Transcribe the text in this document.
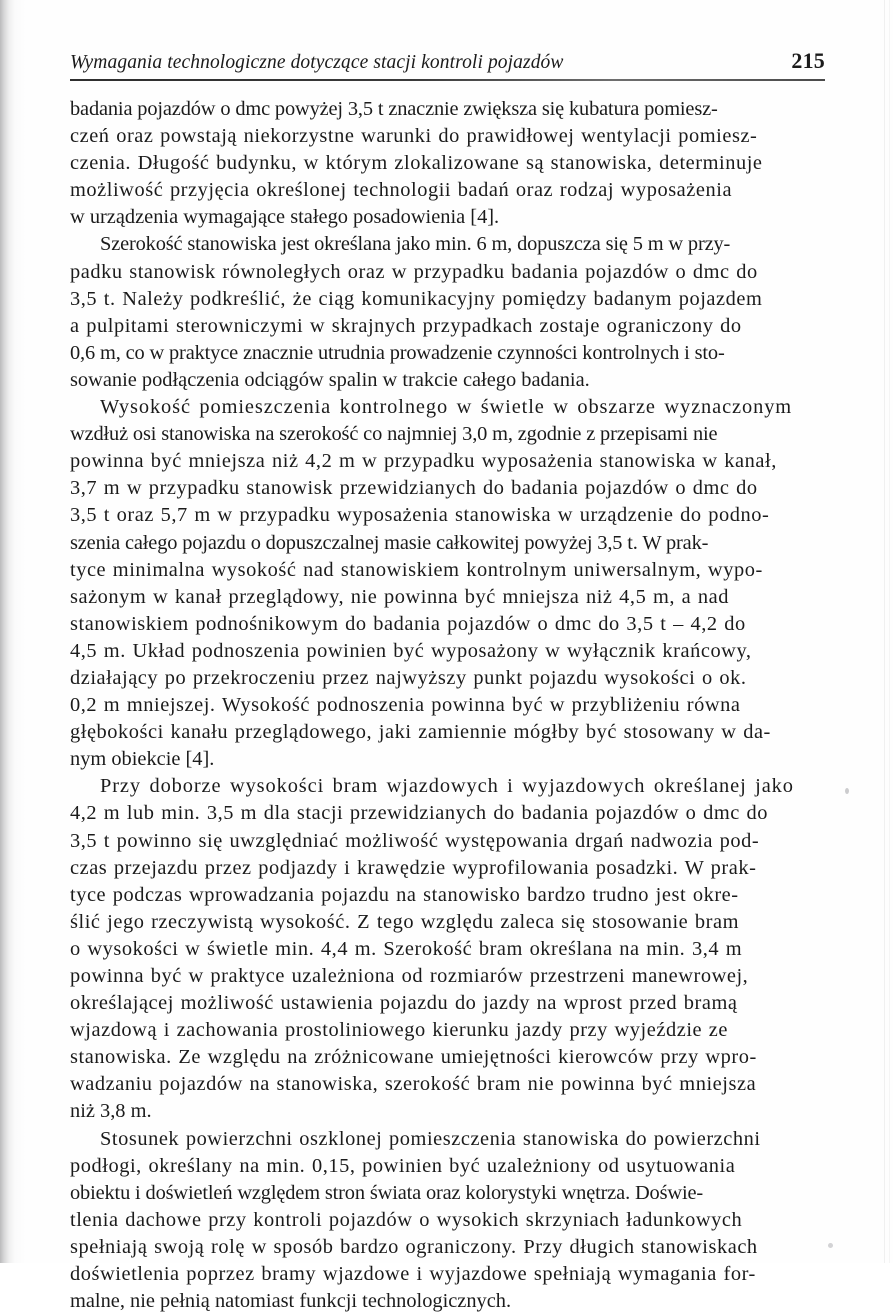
Wymagania technologiczne dotyczące stacji kontroli pojazdów	215

badania pojazdów o dmc powyżej 3,5 t znacznie zwiększa się kubatura pomiesz-
czeń oraz powstają niekorzystne warunki do prawidłowej wentylacji pomiesz-
czenia. Długość budynku, w którym zlokalizowane są stanowiska, determinuje
możliwość przyjęcia określonej technologii badań oraz rodzaj wyposażenia
w urządzenia wymagające stałego posadowienia [4].

Szerokość stanowiska jest określana jako min. 6 m, dopuszcza się 5 m w przy-
padku stanowisk równoległych oraz w przypadku badania pojazdów o dmc do
3,5 t. Należy podkreślić, że ciąg komunikacyjny pomiędzy badanym pojazdem
a pulpitami sterowniczymi w skrajnych przypadkach zostaje ograniczony do
0,6 m, co w praktyce znacznie utrudnia prowadzenie czynności kontrolnych i sto-
sowanie podłączenia odciągów spalin w trakcie całego badania.

Wysokość pomieszczenia kontrolnego w świetle w obszarze wyznaczonym
wzdłuż osi stanowiska na szerokość co najmniej 3,0 m, zgodnie z przepisami nie
powinna być mniejsza niż 4,2 m w przypadku wyposażenia stanowiska w kanał,
3,7 m w przypadku stanowisk przewidzianych do badania pojazdów o dmc do
3,5 t oraz 5,7 m w przypadku wyposażenia stanowiska w urządzenie do podno-
szenia całego pojazdu o dopuszczalnej masie całkowitej powyżej 3,5 t. W prak-
tyce minimalna wysokość nad stanowiskiem kontrolnym uniwersalnym, wypo-
sażonym w kanał przeglądowy, nie powinna być mniejsza niż 4,5 m, a nad
stanowiskiem podnośnikowym do badania pojazdów o dmc do 3,5 t – 4,2 do
4,5 m. Układ podnoszenia powinien być wyposażony w wyłącznik krańcowy,
działający po przekroczeniu przez najwyższy punkt pojazdu wysokości o ok.
0,2 m mniejszej. Wysokość podnoszenia powinna być w przybliżeniu równa
głębokości kanału przeglądowego, jaki zamiennie mógłby być stosowany w da-
nym obiekcie [4].

Przy doborze wysokości bram wjazdowych i wyjazdowych określanej jako
4,2 m lub min. 3,5 m dla stacji przewidzianych do badania pojazdów o dmc do
3,5 t powinno się uwzględniać możliwość występowania drgań nadwozia pod-
czas przejazdu przez podjazdy i krawędzie wyprofilowania posadzki. W prak-
tyce podczas wprowadzania pojazdu na stanowisko bardzo trudno jest okre-
ślić jego rzeczywistą wysokość. Z tego względu zaleca się stosowanie bram
o wysokości w świetle min. 4,4 m. Szerokość bram określana na min. 3,4 m
powinna być w praktyce uzależniona od rozmiarów przestrzeni manewrowej,
określającej możliwość ustawienia pojazdu do jazdy na wprost przed bramą
wjazdową i zachowania prostoliniowego kierunku jazdy przy wyjeździe ze
stanowiska. Ze względu na zróżnicowane umiejętności kierowców przy wpro-
wadzaniu pojazdów na stanowiska, szerokość bram nie powinna być mniejsza
niż 3,8 m.

Stosunek powierzchni oszklonej pomieszczenia stanowiska do powierzchni
podłogi, określany na min. 0,15, powinien być uzależniony od usytuowania
obiektu i doświetleń względem stron świata oraz kolorystyki wnętrza. Doświe-
tlenia dachowe przy kontroli pojazdów o wysokich skrzyniach ładunkowych
spełniają swoją rolę w sposób bardzo ograniczony. Przy długich stanowiskach
doświetlenia poprzez bramy wjazdowe i wyjazdowe spełniają wymagania for-
malne, nie pełnią natomiast funkcji technologicznych.
